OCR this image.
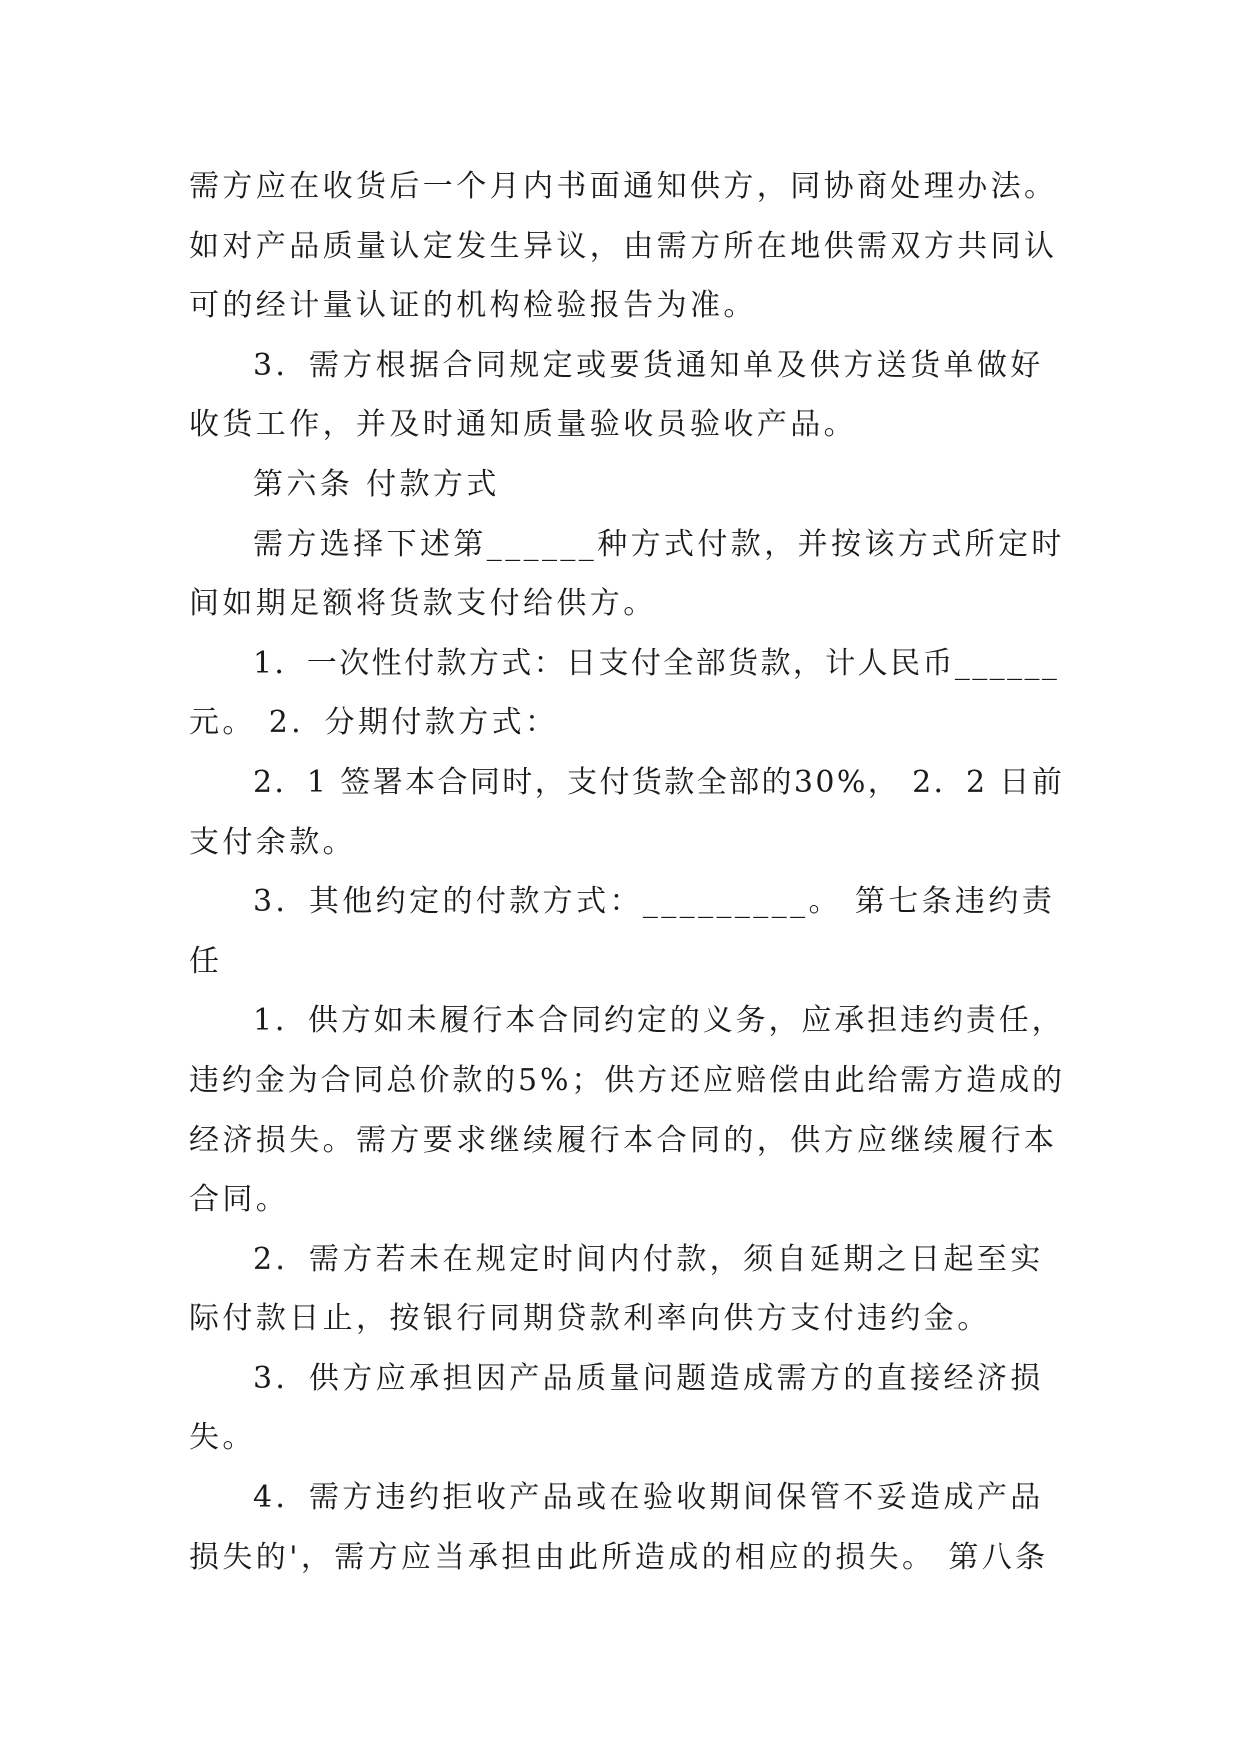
需方应在收货后一个月内书面通知供方，同协商处理办法。
如对产品质量认定发生异议，由需方所在地供需双方共同认
可的经计量认证的机构检验报告为准。
3．需方根据合同规定或要货通知单及供方送货单做好
收货工作，并及时通知质量验收员验收产品。
第六条 付款方式
需方选择下述第______种方式付款，并按该方式所定时
间如期足额将货款支付给供方。
1．一次性付款方式：日支付全部货款，计人民币______
元。 2．分期付款方式：
2．1 签署本合同时，支付货款全部的30%， 2．2 日前
支付余款。
3．其他约定的付款方式：_________。 第七条违约责
任
1．供方如未履行本合同约定的义务，应承担违约责任，
违约金为合同总价款的5%；供方还应赔偿由此给需方造成的
经济损失。需方要求继续履行本合同的，供方应继续履行本
合同。
2．需方若未在规定时间内付款，须自延期之日起至实
际付款日止，按银行同期贷款利率向供方支付违约金。
3．供方应承担因产品质量问题造成需方的直接经济损
失。
4．需方违约拒收产品或在验收期间保管不妥造成产品
损失的'，需方应当承担由此所造成的相应的损失。 第八条
